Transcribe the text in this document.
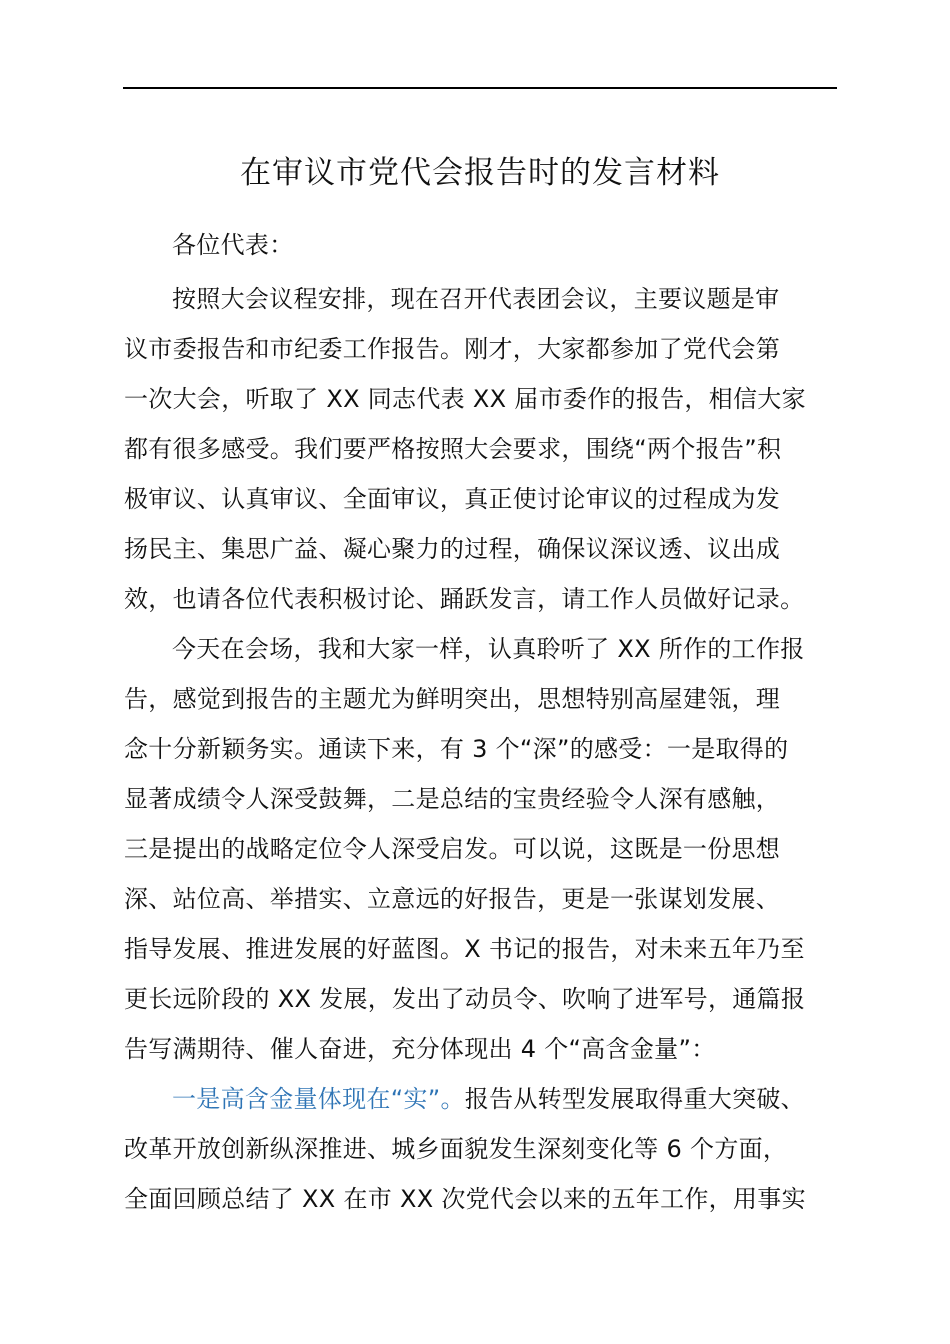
在审议市党代会报告时的发言材料
各位代表：
按照大会议程安排，现在召开代表团会议，主要议题是审
议市委报告和市纪委工作报告。刚才，大家都参加了党代会第
一次大会，听取了 XX 同志代表 XX 届市委作的报告，相信大家
都有很多感受。我们要严格按照大会要求，围绕“两个报告”积
极审议、认真审议、全面审议，真正使讨论审议的过程成为发
扬民主、集思广益、凝心聚力的过程，确保议深议透、议出成
效，也请各位代表积极讨论、踊跃发言，请工作人员做好记录。
今天在会场，我和大家一样，认真聆听了 XX 所作的工作报
告，感觉到报告的主题尤为鲜明突出，思想特别高屋建瓴，理
念十分新颖务实。通读下来，有 3 个“深”的感受：一是取得的
显著成绩令人深受鼓舞，二是总结的宝贵经验令人深有感触，
三是提出的战略定位令人深受启发。可以说，这既是一份思想
深、站位高、举措实、立意远的好报告，更是一张谋划发展、
指导发展、推进发展的好蓝图。X 书记的报告，对未来五年乃至
更长远阶段的 XX 发展，发出了动员令、吹响了进军号，通篇报
告写满期待、催人奋进，充分体现出 4 个“高含金量”：
一是高含金量体现在“实”。报告从转型发展取得重大突破、
改革开放创新纵深推进、城乡面貌发生深刻变化等 6 个方面，
全面回顾总结了 XX 在市 XX 次党代会以来的五年工作，用事实
